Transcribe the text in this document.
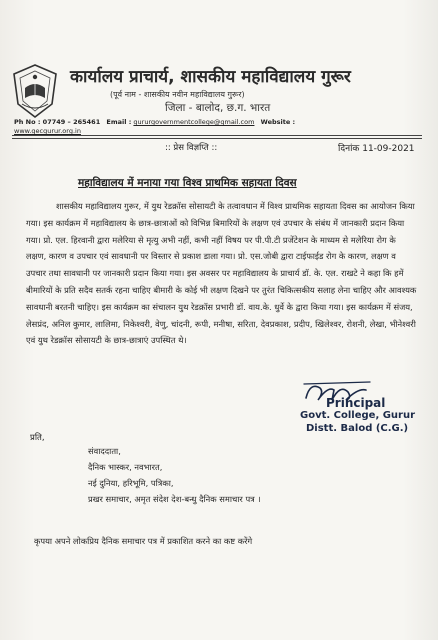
कार्यालय प्राचार्य, शासकीय महाविद्यालय गुरूर
(पूर्व नाम - शासकीय नवीन महाविद्यालय गुरूर)
जिला - बालोद, छ.ग. भारत
Ph No : 07749 – 265461 Email : gururgovernmentcollege@gmail.com Website :
www.gecgurur.org.in
:: प्रेस विज्ञप्ति ::	दिनांक 11-09-2021
महाविद्यालय में मनाया गया विश्व प्राथमिक सहायता दिवस

शासकीय महाविद्यालय गुरूर, में युथ रेडक्रॉस सोसायटी के तत्वावधान में विश्व प्राथमिक सहायता दिवस का आयोजन किया गया। इस कार्यक्रम में महाविद्यालय के छात्र-छात्राओं को विभिन्न बिमारियों के लक्षण एवं उपचार के संबंध में जानकारी प्रदान किया गया। प्रो. एल. हिरवानी द्वारा मलेरिया से मृत्यु अभी नहीं, कभी नहीं विषय पर पी.पी.टी प्रजेंटेशन के माध्यम से मलेरिया रोग के लक्षण, कारण व उपचार एवं सावधानी पर विस्तार से प्रकाश डाला गया। प्रो. एस.जोबी द्वारा टाईफाईड रोग के कारण, लक्षण व उपचार तथा सावधानी पर जानकारी प्रदान किया गया। इस अवसर पर महाविद्यालय के प्राचार्य डॉ. के. एल. राखटे ने कहा कि हमें बीमारियों के प्रति सदैव सतर्क रहना चाहिए बीमारी के कोई भी लक्षण दिखने पर तुरंत चिकित्सकीय सलाह लेना चाहिए और आवश्यक सावधानी बरतनी चाहिए। इस कार्यक्रम का संचालन युथ रेडक्रॉस प्रभारी डॉ. वाय.के. धुर्वे के द्वारा किया गया। इस कार्यक्रम में संजय, लेसप्रंद, अनिल कुमार, लालिमा, निकेश्वरी, वेणु, चांदनी, रूपी, मनीषा, सरिता, देवप्रकाश, प्रदीप, खिलेश्वर, रोशनी, लेखा, भीनेश्वरी एवं युथ रेडक्रॉस सोसायटी के छात्र-छात्राएं उपस्थित थे।

Principal
Govt. College, Gurur
Distt. Balod (C.G.)
प्रति,
संवाददाता,
दैनिक भास्कर, नवभारत,
नई दुनिया, हरिभूमि, पत्रिका,
प्रखर समाचार, अमृत संदेश देश-बन्धु दैनिक समाचार पत्र ।
कृपया अपने लोकप्रिय दैनिक समाचार पत्र में प्रकाशित करने का कष्ट करेंगे
